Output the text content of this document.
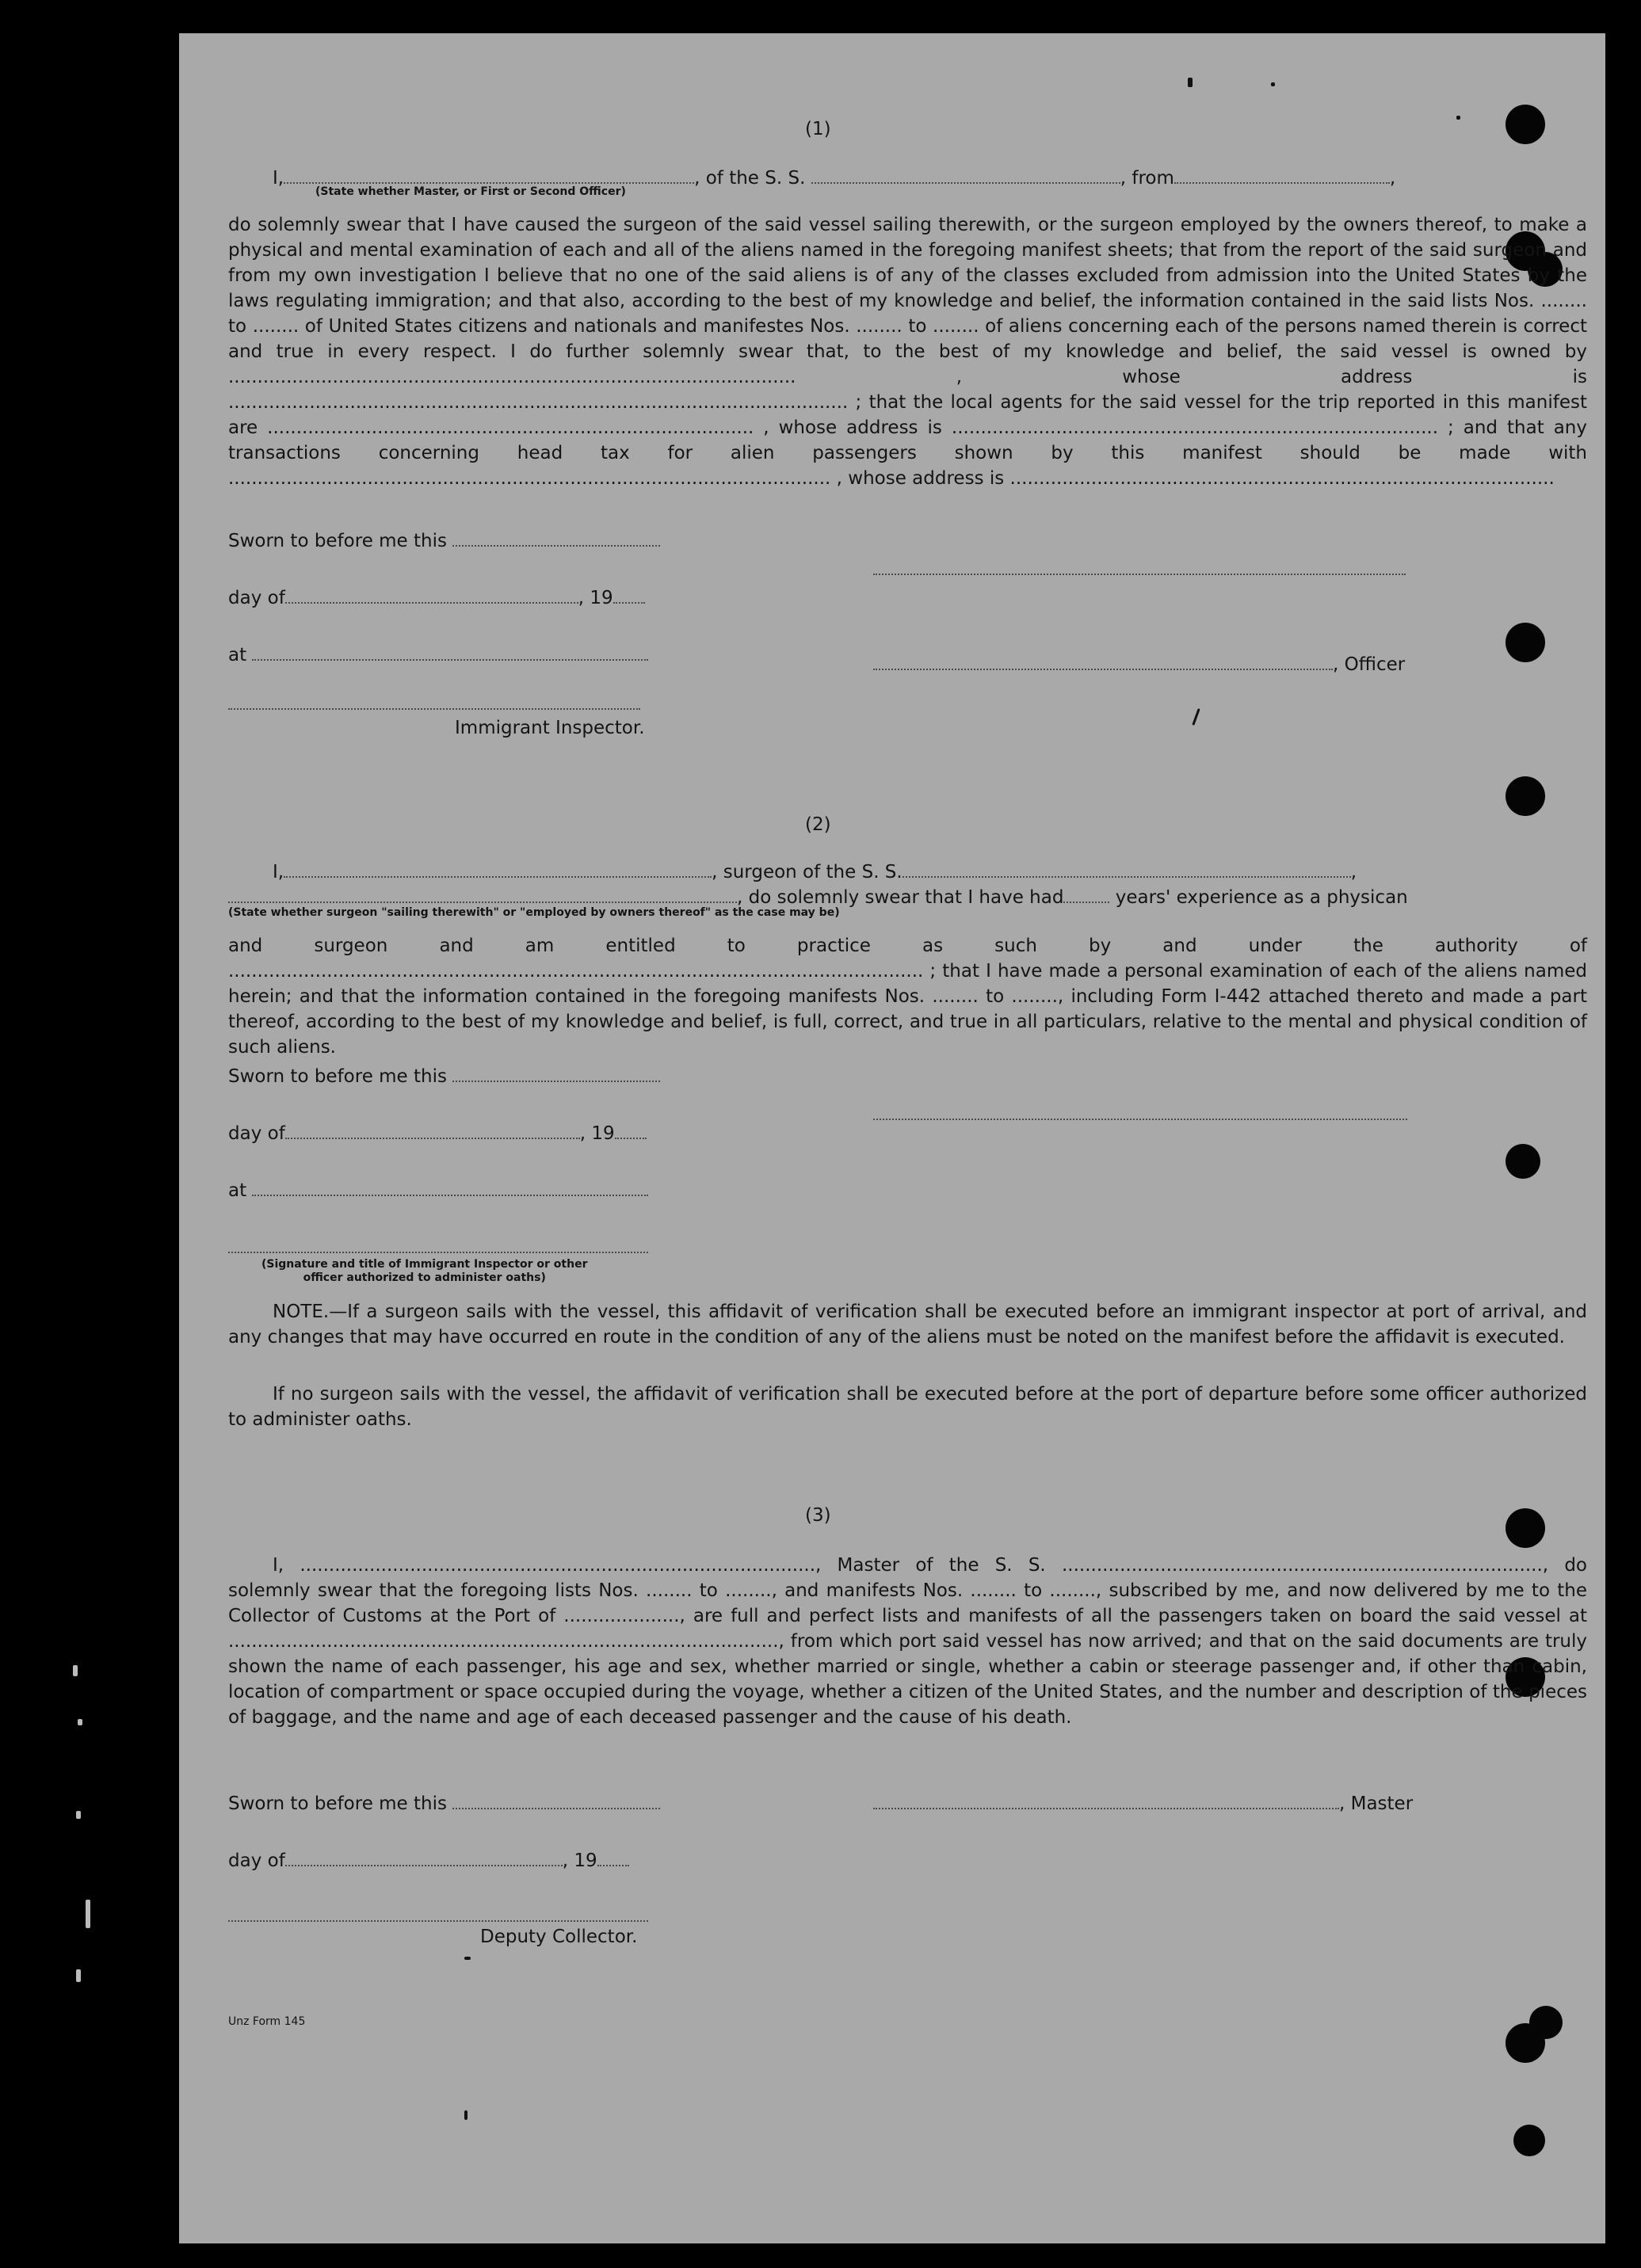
(1)
I,	, of the S. S.	, from	,
(State whether Master, or First or Second Officer)
do solemnly swear that I have caused the surgeon of the said vessel sailing therewith, or the surgeon employed by the owners thereof, to make a physical and mental examination of each and all of the aliens named in the foregoing manifest sheets; that from the report of the said surgeon and from my own investigation I believe that no one of the said aliens is of any of the classes excluded from admission into the United States by the laws regulating immigration; and that also, according to the best of my knowledge and belief, the information contained in the said lists Nos. ........ to ........ of United States citizens and nationals and manifestes Nos. ........ to ........ of aliens concerning each of the persons named therein is correct and true in every respect. I do further solemnly swear that, to the best of my knowledge and belief, the said vessel is owned by .................................................................................................. , whose address is ........................................................................................................... ; that the local agents for the said vessel for the trip reported in this manifest are .................................................................................... , whose address is .................................................................................... ; and that any transactions concerning head tax for alien passengers shown by this manifest should be made with ........................................................................................................ , whose address is ..............................................................................................
Sworn to before me this
day of	, 19
at	, Officer
Immigrant Inspector.
(2)
I,	, surgeon of the S. S.	,
, do solemnly swear that I have had	years' experience as a physican
(State whether surgeon "sailing therewith" or "employed by owners thereof" as the case may be)
and surgeon and am entitled to practice as such by and under the authority of ........................................................................................................................ ; that I have made a personal examination of each of the aliens named herein; and that the information contained in the foregoing manifests Nos. ........ to ........, including Form I-442 attached thereto and made a part thereof, according to the best of my knowledge and belief, is full, correct, and true in all particulars, relative to the mental and physical condition of such aliens.
Sworn to before me this
day of	, 19
at
(Signature and title of Immigrant Inspector or other
officer authorized to administer oaths)
NOTE.—If a surgeon sails with the vessel, this affidavit of verification shall be executed before an immigrant inspector at port of arrival, and any changes that may have occurred en route in the condition of any of the aliens must be noted on the manifest before the affidavit is executed.
If no surgeon sails with the vessel, the affidavit of verification shall be executed before at the port of departure before some officer authorized to administer oaths.
(3)
I, ........................................................................................., Master of the S. S. ..................................................................................., do solemnly swear that the foregoing lists Nos. ........ to ........, and manifests Nos. ........ to ........, subscribed by me, and now delivered by me to the Collector of Customs at the Port of ...................., are full and perfect lists and manifests of all the passengers taken on board the said vessel at ..............................................................................................., from which port said vessel has now arrived; and that on the said documents are truly shown the name of each passenger, his age and sex, whether married or single, whether a cabin or steerage passenger and, if other than cabin, location of compartment or space occupied during the voyage, whether a citizen of the United States, and the number and description of the pieces of baggage, and the name and age of each deceased passenger and the cause of his death.
Sworn to before me this	, Master
day of	, 19
Deputy Collector.
Unz Form 145
